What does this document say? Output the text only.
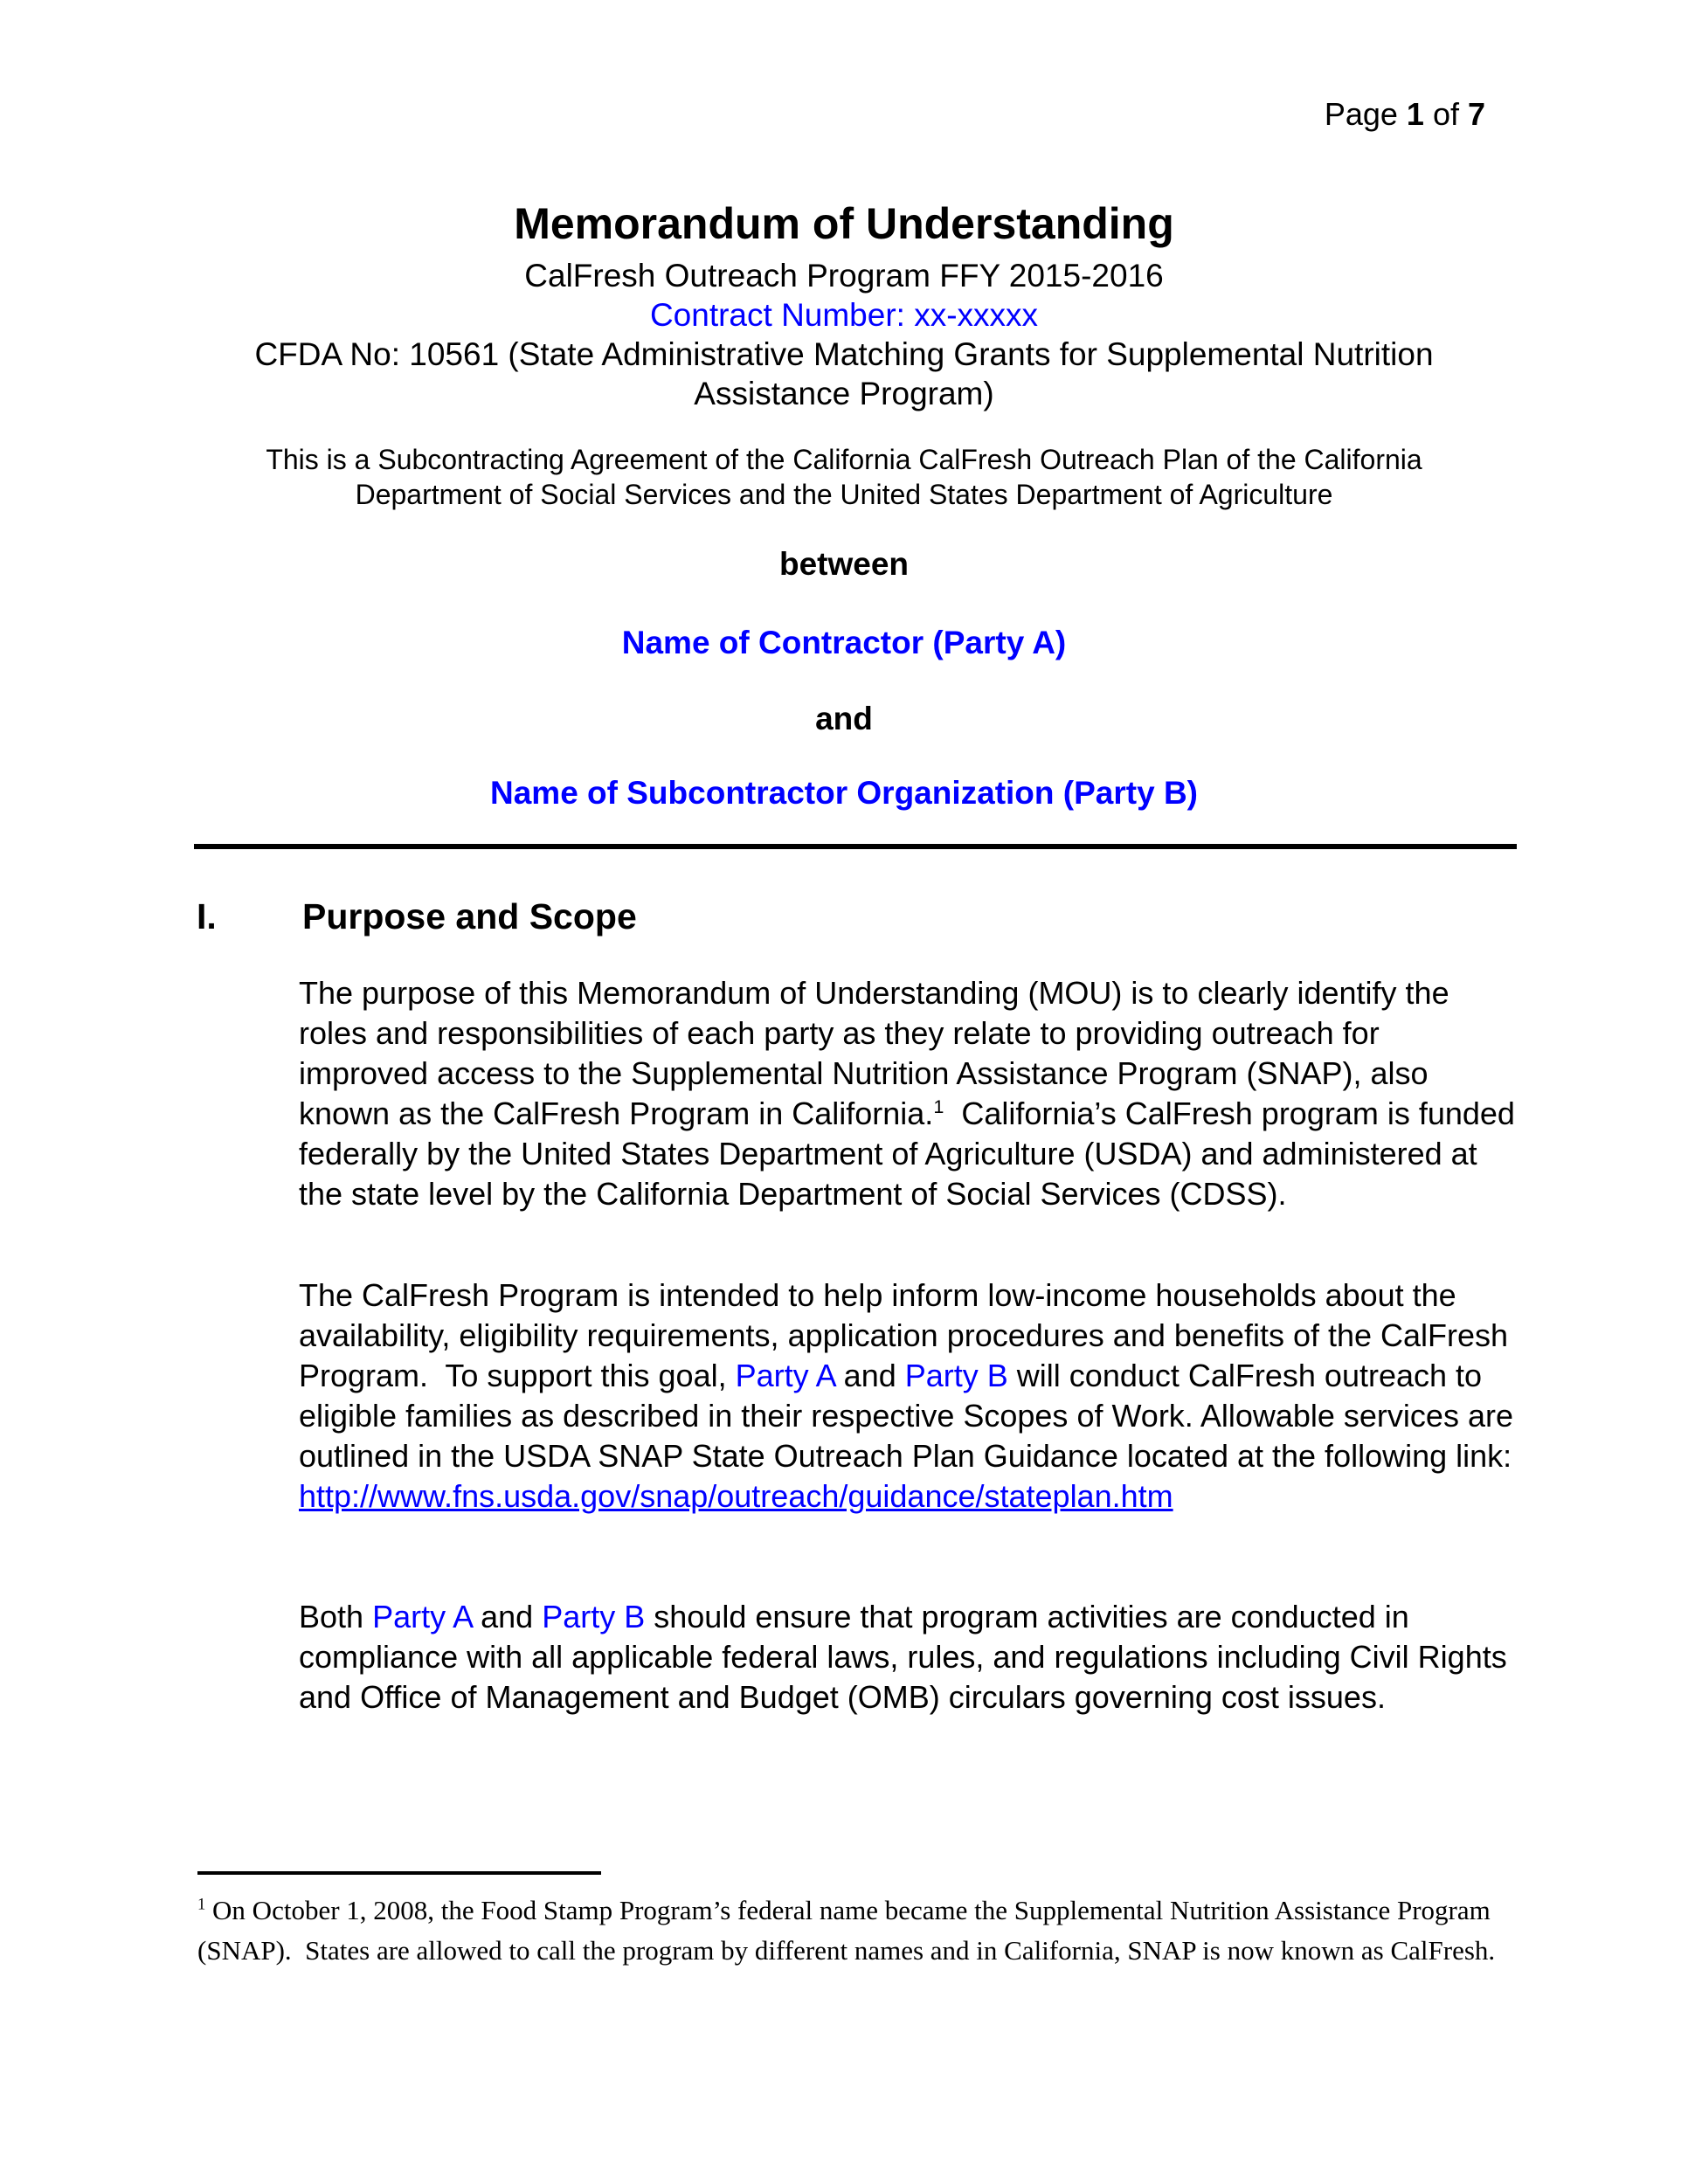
Page 1 of 7
Memorandum of Understanding
CalFresh Outreach Program FFY 2015-2016
Contract Number: xx-xxxxx
CFDA No: 10561 (State Administrative Matching Grants for Supplemental Nutrition
Assistance Program)
This is a Subcontracting Agreement of the California CalFresh Outreach Plan of the California
Department of Social Services and the United States Department of Agriculture
between
Name of Contractor (Party A)
and
Name of Subcontractor Organization (Party B)
I. Purpose and Scope
The purpose of this Memorandum of Understanding (MOU) is to clearly identify the roles and responsibilities of each party as they relate to providing outreach for improved access to the Supplemental Nutrition Assistance Program (SNAP), also known as the CalFresh Program in California.$^1$  California’s CalFresh program is funded federally by the United States Department of Agriculture (USDA) and administered at the state level by the California Department of Social Services (CDSS).
The CalFresh Program is intended to help inform low-income households about the availability, eligibility requirements, application procedures and benefits of the CalFresh Program.  To support this goal, Party A and Party B will conduct CalFresh outreach to eligible families as described in their respective Scopes of Work. Allowable services are outlined in the USDA SNAP State Outreach Plan Guidance located at the following link:
http://www.fns.usda.gov/snap/outreach/guidance/stateplan.htm
Both Party A and Party B should ensure that program activities are conducted in compliance with all applicable federal laws, rules, and regulations including Civil Rights and Office of Management and Budget (OMB) circulars governing cost issues.
$^1$ On October 1, 2008, the Food Stamp Program’s federal name became the Supplemental Nutrition Assistance Program (SNAP).  States are allowed to call the program by different names and in California, SNAP is now known as CalFresh.
